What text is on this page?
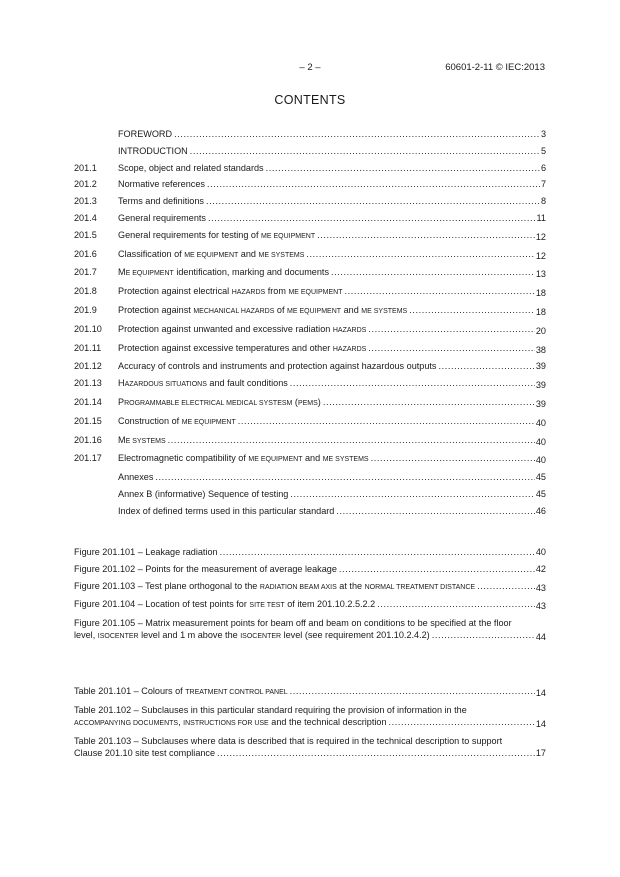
– 2 –	60601-2-11 © IEC:2013
CONTENTS
FOREWORD .....	3
INTRODUCTION .....	5
201.1 Scope, object and related standards .....	6
201.2 Normative references .....	7
201.3 Terms and definitions .....	8
201.4 General requirements .....	11
201.5 General requirements for testing of ME EQUIPMENT .....	12
201.6 Classification of ME EQUIPMENT and ME SYSTEMS .....	12
201.7 ME EQUIPMENT identification, marking and documents .....	13
201.8 Protection against electrical HAZARDS from ME EQUIPMENT .....	18
201.9 Protection against MECHANICAL HAZARDS of ME EQUIPMENT and ME SYSTEMS .....	18
201.10 Protection against unwanted and excessive radiation HAZARDS .....	20
201.11 Protection against excessive temperatures and other HAZARDS .....	38
201.12 Accuracy of controls and instruments and protection against hazardous outputs .....	39
201.13 HAZARDOUS SITUATIONS and fault conditions .....	39
201.14 PROGRAMMABLE ELECTRICAL MEDICAL SYSTESM (PEMS) .....	39
201.15 Construction of ME EQUIPMENT .....	40
201.16 ME SYSTEMS .....	40
201.17 Electromagnetic compatibility of ME EQUIPMENT and ME SYSTEMS .....	40
Annexes .....	45
Annex B (informative) Sequence of testing .....	45
Index of defined terms used in this particular standard .....	46
Figure 201.101 – Leakage radiation .....	40
Figure 201.102 – Points for the measurement of average leakage .....	42
Figure 201.103 – Test plane orthogonal to the RADIATION BEAM AXIS at the NORMAL TREATMENT DISTANCE .....	43
Figure 201.104 – Location of test points for SITE TEST of item 201.10.2.5.2.2 .....	43
Figure 201.105 – Matrix measurement points for beam off and beam on conditions to be specified at the floor level, ISOCENTER level and 1 m above the ISOCENTER level (see requirement 201.10.2.4.2) .....	44
Table 201.101 – Colours of TREATMENT CONTROL PANEL .....	14
Table 201.102 – Subclauses in this particular standard requiring the provision of information in the ACCOMPANYING DOCUMENTS, INSTRUCTIONS FOR USE and the technical description .....	14
Table 201.103 – Subclauses where data is described that is required in the technical description to support Clause 201.10 site test compliance .....	17
